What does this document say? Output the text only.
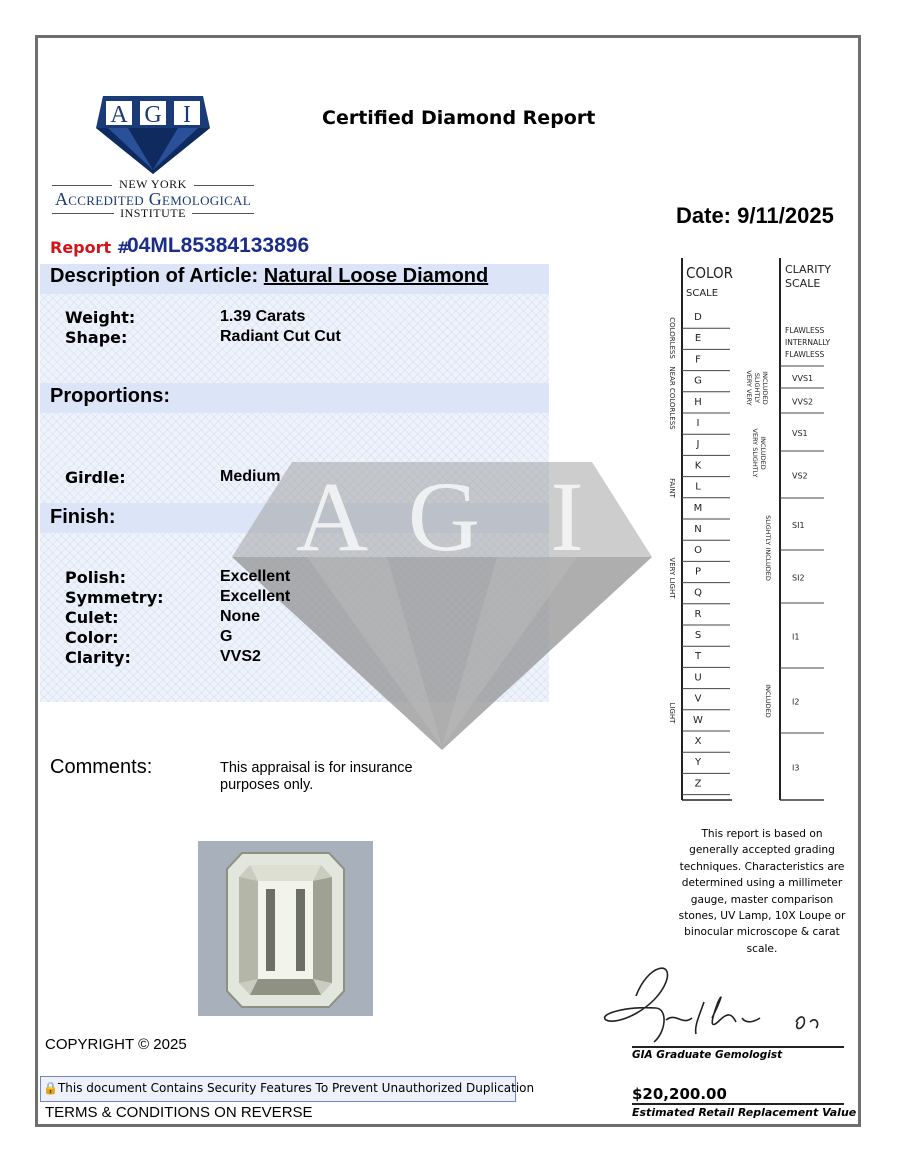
A G I
NEW YORK
Accredited Gemological
INSTITUTE
Certified Diamond Report
Date: 9/11/2025
Report #
04ML85384133896
A G I
Description of Article: Natural Loose Diamond
Weight:	1.39 Carats
Shape:	Radiant Cut Cut
Proportions:
Girdle:	Medium
Finish:
Polish:	Excellent
Symmetry:	Excellent
Culet:	None
Color:	G
Clarity:	VVS2
Comments:	This appraisal is for insurance purposes only.
COPYRIGHT © 2025
🔒This document Contains Security Features To Prevent Unauthorized Duplication
TERMS & CONDITIONS ON REVERSE
COLOR
SCALE
CLARITY
SCALE
D
E
F
G
H
I
J
K
L
M
N
O
P
Q
R
S
T
U
V
W
X
Y
Z
FLAWLESS
INTERNALLY
FLAWLESS
VVS1
VVS2
VS1
VS2
SI1
SI2
I1
I2
I3
COLORLESS
NEAR COLORLESS
FAINT
VERY LIGHT
LIGHT
VERY VERY SLIGHTLY INCLUDED
VERY SLIGHTLY INCLUDED
SLIGHTLY INCLUDED
INCLUDED
This report is based on generally accepted grading techniques. Characteristics are determined using a millimeter gauge, master comparison stones, UV Lamp, 10X Loupe or binocular microscope & carat scale.
GIA Graduate Gemologist
$20,200.00
Estimated Retail Replacement Value
